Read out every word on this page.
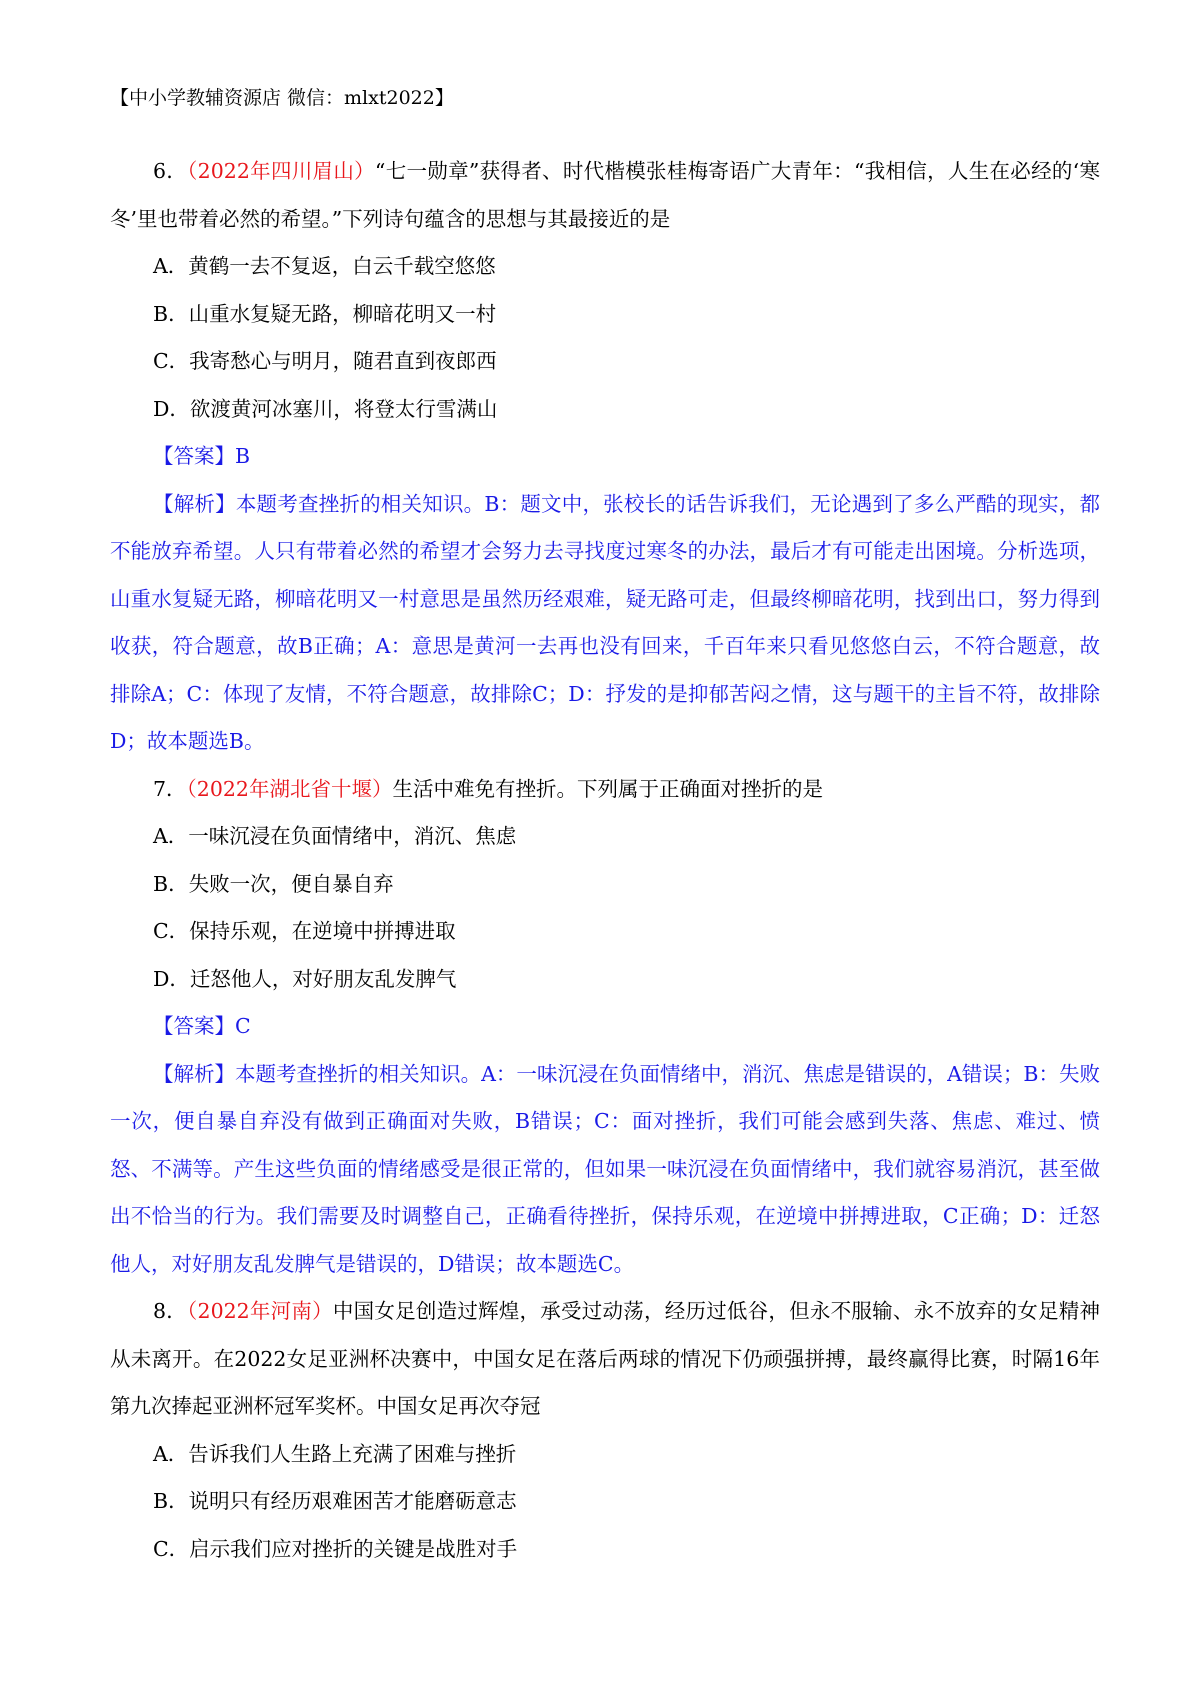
【中小学教辅资源店 微信：mlxt2022】
6．（2022年四川眉山）“七一勋章”获得者、时代楷模张桂梅寄语广大青年：“我相信，人生在必经的‘寒冬’里也带着必然的希望。”下列诗句蕴含的思想与其最接近的是
A．黄鹤一去不复返，白云千载空悠悠
B．山重水复疑无路，柳暗花明又一村
C．我寄愁心与明月，随君直到夜郎西
D．欲渡黄河冰塞川，将登太行雪满山
【答案】B
【解析】本题考查挫折的相关知识。B：题文中，张校长的话告诉我们，无论遇到了多么严酷的现实，都不能放弃希望。人只有带着必然的希望才会努力去寻找度过寒冬的办法，最后才有可能走出困境。分析选项，山重水复疑无路，柳暗花明又一村意思是虽然历经艰难，疑无路可走，但最终柳暗花明，找到出口，努力得到收获，符合题意，故B正确；A：意思是黄河一去再也没有回来，千百年来只看见悠悠白云，不符合题意，故排除A；C：体现了友情，不符合题意，故排除C；D：抒发的是抑郁苦闷之情，这与题干的主旨不符，故排除D；故本题选B。
7．（2022年湖北省十堰）生活中难免有挫折。下列属于正确面对挫折的是
A．一味沉浸在负面情绪中，消沉、焦虑
B．失败一次，便自暴自弃
C．保持乐观，在逆境中拼搏进取
D．迁怒他人，对好朋友乱发脾气
【答案】C
【解析】本题考查挫折的相关知识。A：一味沉浸在负面情绪中，消沉、焦虑是错误的，A错误；B：失败一次，便自暴自弃没有做到正确面对失败，B错误；C：面对挫折，我们可能会感到失落、焦虑、难过、愤怒、不满等。产生这些负面的情绪感受是很正常的，但如果一味沉浸在负面情绪中，我们就容易消沉，甚至做出不恰当的行为。我们需要及时调整自己，正确看待挫折，保持乐观，在逆境中拼搏进取，C正确；D：迁怒他人，对好朋友乱发脾气是错误的，D错误；故本题选C。
8．（2022年河南）中国女足创造过辉煌，承受过动荡，经历过低谷，但永不服输、永不放弃的女足精神从未离开。在2022女足亚洲杯决赛中，中国女足在落后两球的情况下仍顽强拼搏，最终赢得比赛，时隔16年第九次捧起亚洲杯冠军奖杯。中国女足再次夺冠
A．告诉我们人生路上充满了困难与挫折
B．说明只有经历艰难困苦才能磨砺意志
C．启示我们应对挫折的关键是战胜对手
